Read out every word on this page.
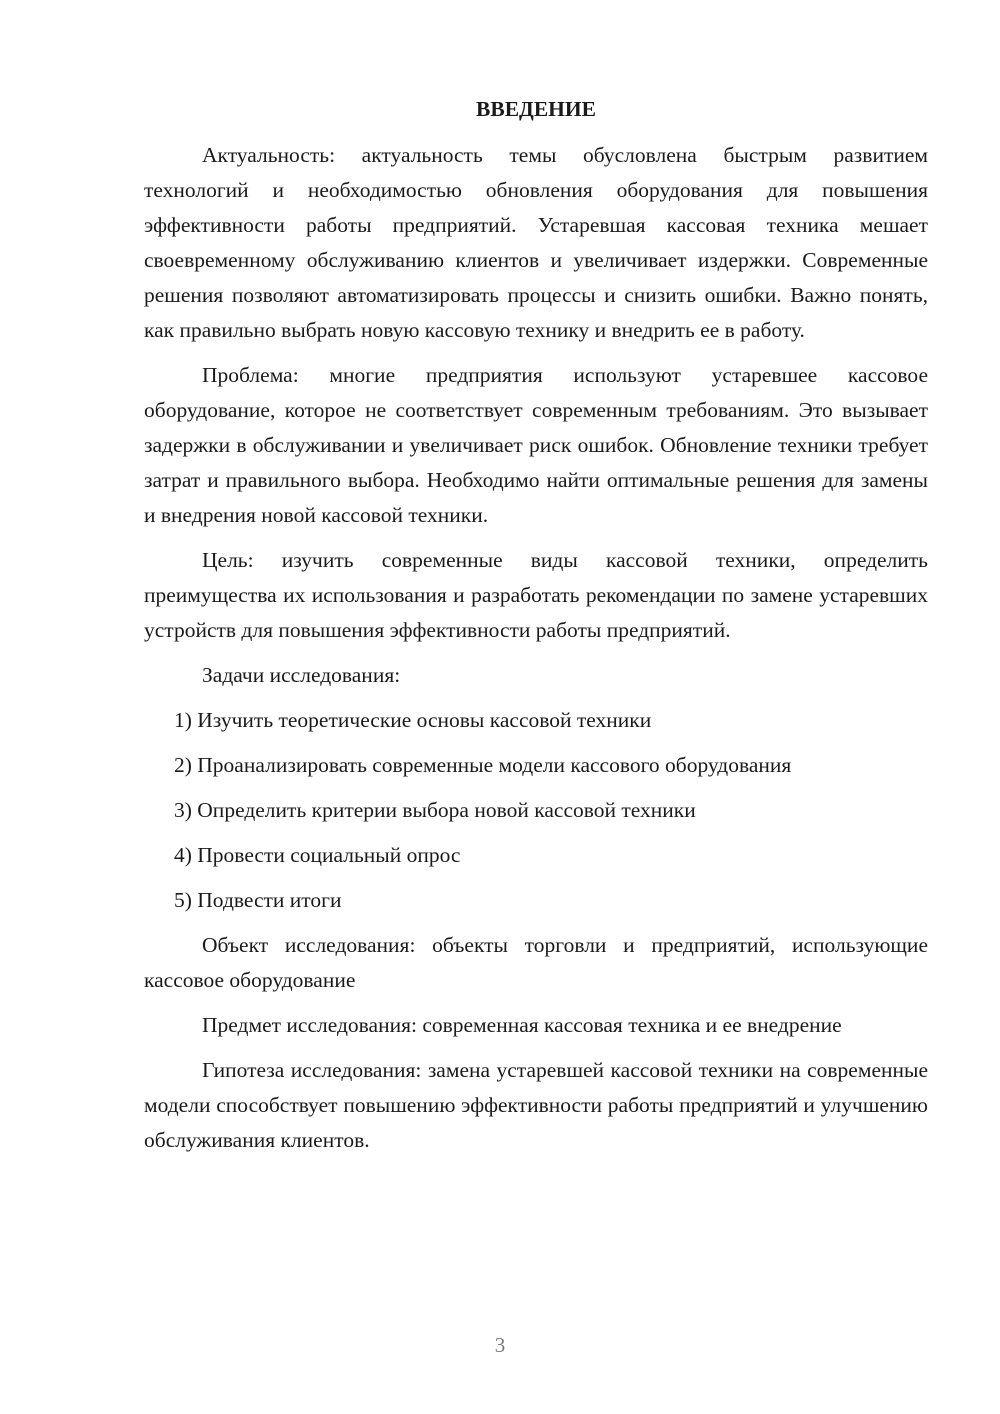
ВВЕДЕНИЕ

Актуальность: актуальность темы обусловлена быстрым развитием технологий и необходимостью обновления оборудования для повышения эффективности работы предприятий. Устаревшая кассовая техника мешает своевременному обслуживанию клиентов и увеличивает издержки. Современные решения позволяют автоматизировать процессы и снизить ошибки. Важно понять, как правильно выбрать новую кассовую технику и внедрить ее в работу.

Проблема: многие предприятия используют устаревшее кассовое оборудование, которое не соответствует современным требованиям. Это вызывает задержки в обслуживании и увеличивает риск ошибок. Обновление техники требует затрат и правильного выбора. Необходимо найти оптимальные решения для замены и внедрения новой кассовой техники.

Цель: изучить современные виды кассовой техники, определить преимущества их использования и разработать рекомендации по замене устаревших устройств для повышения эффективности работы предприятий.

Задачи исследования:

1) Изучить теоретические основы кассовой техники
2) Проанализировать современные модели кассового оборудования
3) Определить критерии выбора новой кассовой техники
4) Провести социальный опрос
5) Подвести итоги

Объект исследования: объекты торговли и предприятий, использующие кассовое оборудование

Предмет исследования: современная кассовая техника и ее внедрение

Гипотеза исследования: замена устаревшей кассовой техники на современные модели способствует повышению эффективности работы предприятий и улучшению обслуживания клиентов.

3
